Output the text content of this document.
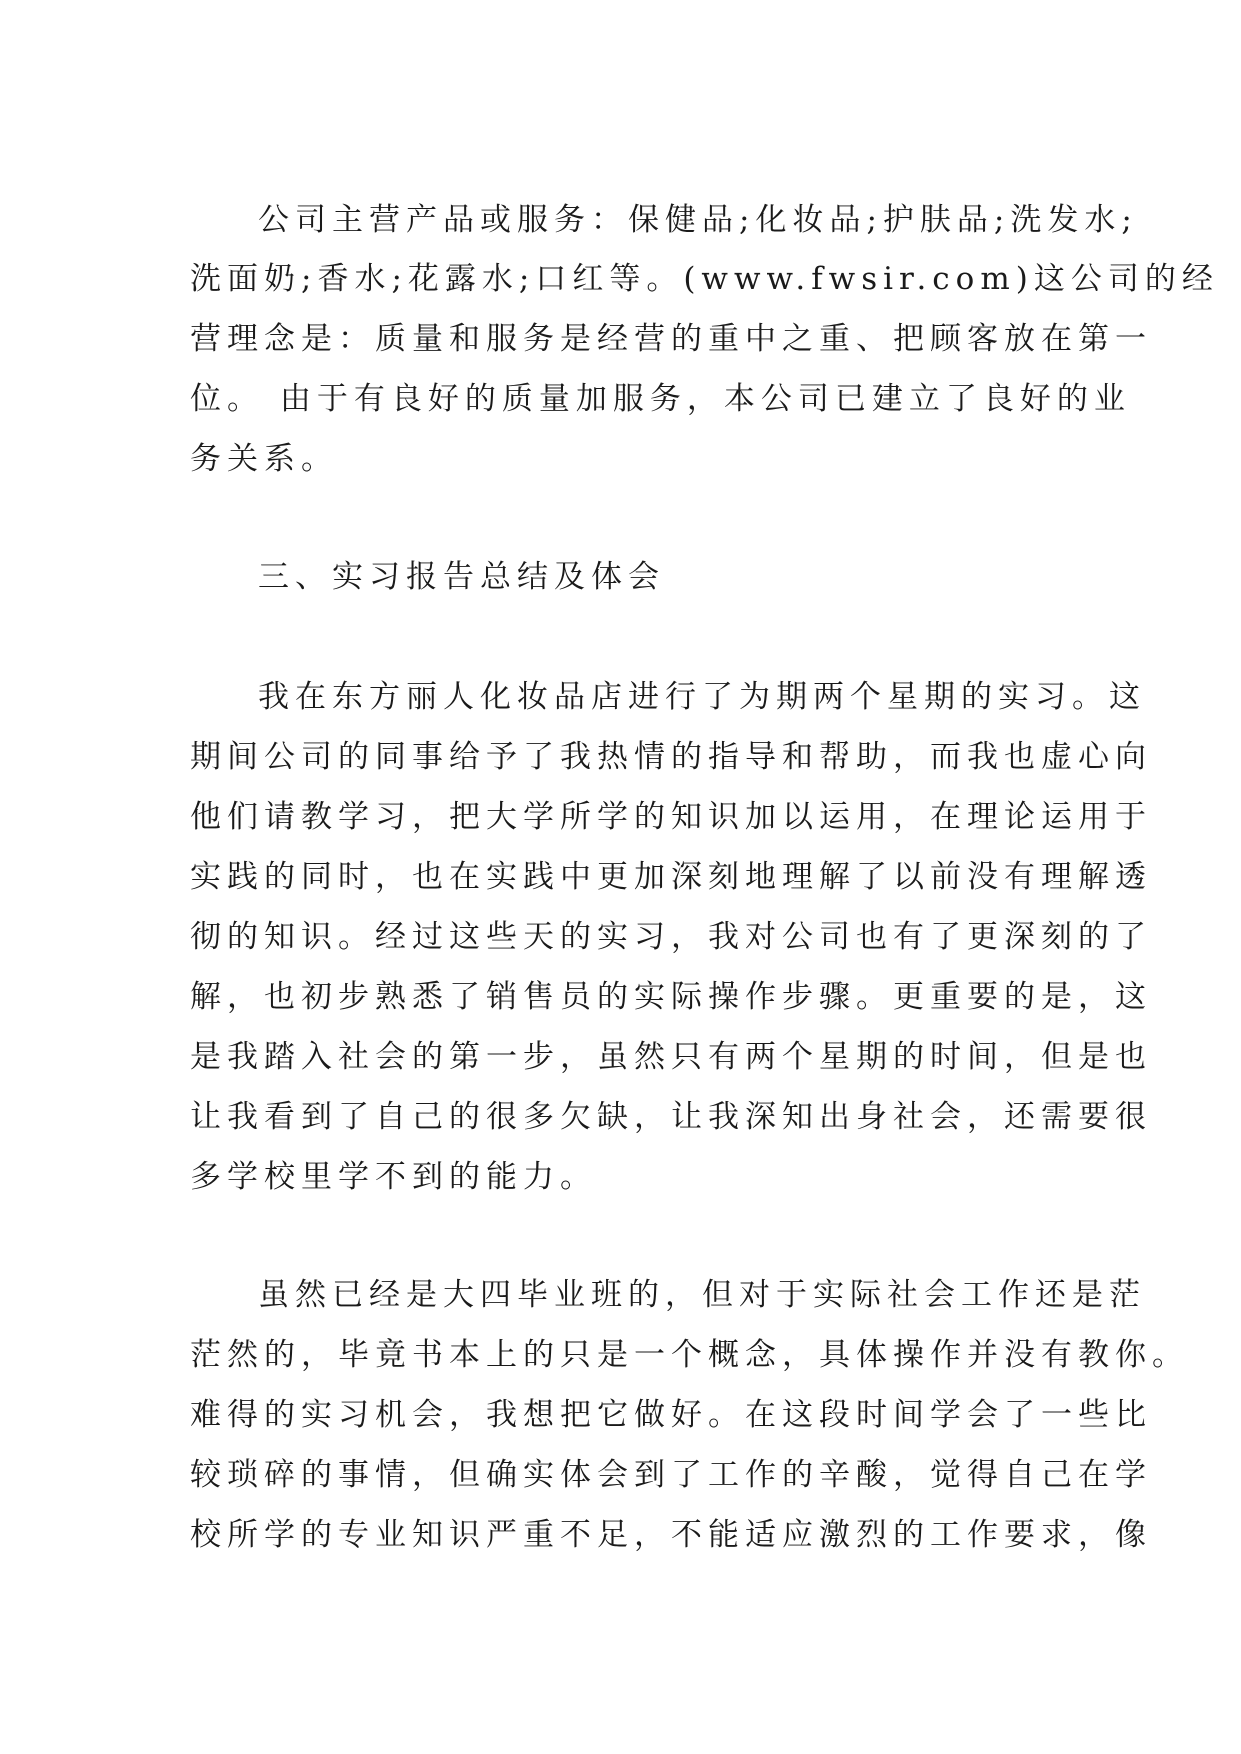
公司主营产品或服务：保健品;化妆品;护肤品;洗发水;
洗面奶;香水;花露水;口红等。(www.fwsir.com)这公司的经
营理念是：质量和服务是经营的重中之重、把顾客放在第一
位。 由于有良好的质量加服务，本公司已建立了良好的业
务关系。
三、实习报告总结及体会
我在东方丽人化妆品店进行了为期两个星期的实习。这
期间公司的同事给予了我热情的指导和帮助，而我也虚心向
他们请教学习，把大学所学的知识加以运用，在理论运用于
实践的同时，也在实践中更加深刻地理解了以前没有理解透
彻的知识。经过这些天的实习，我对公司也有了更深刻的了
解，也初步熟悉了销售员的实际操作步骤。更重要的是，这
是我踏入社会的第一步，虽然只有两个星期的时间，但是也
让我看到了自己的很多欠缺，让我深知出身社会，还需要很
多学校里学不到的能力。
虽然已经是大四毕业班的，但对于实际社会工作还是茫
茫然的，毕竟书本上的只是一个概念，具体操作并没有教你。
难得的实习机会，我想把它做好。在这段时间学会了一些比
较琐碎的事情，但确实体会到了工作的辛酸，觉得自己在学
校所学的专业知识严重不足，不能适应激烈的工作要求，像
